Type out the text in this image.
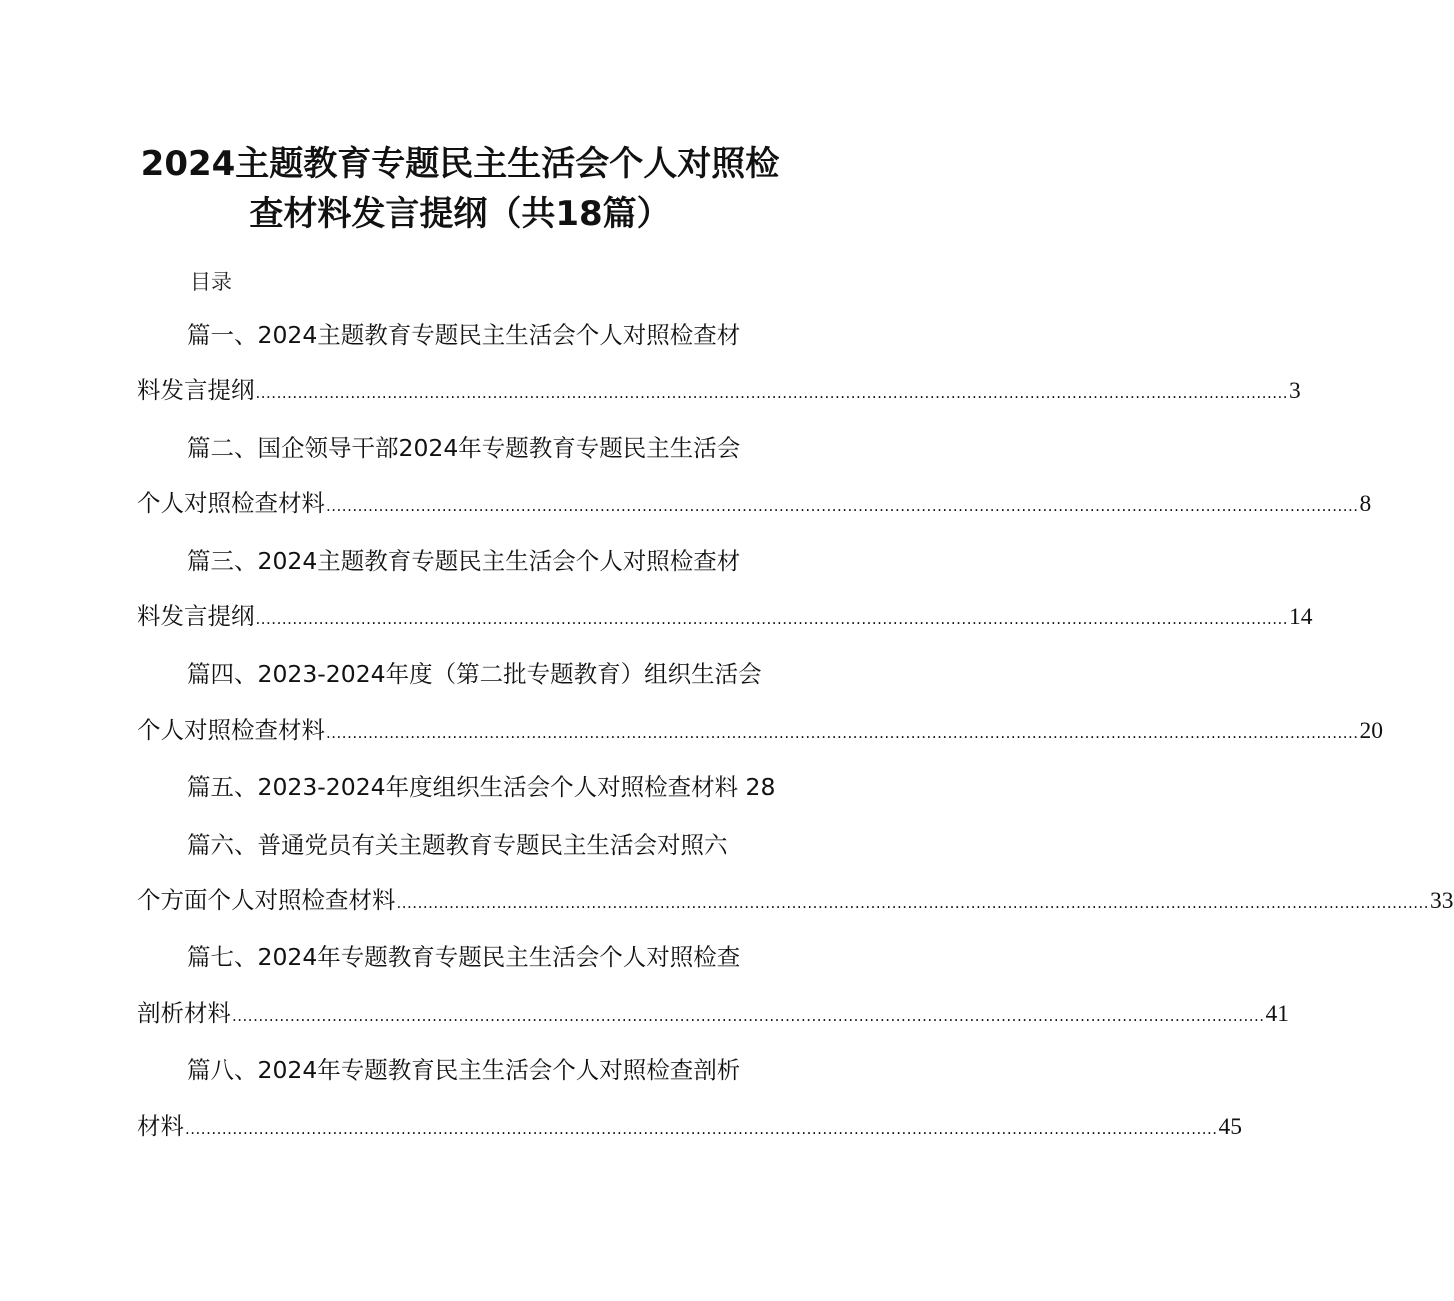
2024主题教育专题民主生活会个人对照检
查材料发言提纲（共18篇）
目录
篇一、2024主题教育专题民主生活会个人对照检查材
料发言提纲 .................................................................................................................................................................................................... 3
篇二、国企领导干部2024年专题教育专题民主生活会
个人对照检查材料 .................................................................................................................................................................................................... 8
篇三、2024主题教育专题民主生活会个人对照检查材
料发言提纲 .................................................................................................................................................................................................... 14
篇四、2023-2024年度（第二批专题教育）组织生活会
个人对照检查材料 .................................................................................................................................................................................................... 20
篇五、2023-2024年度组织生活会个人对照检查材料 28
篇六、普通党员有关主题教育专题民主生活会对照六
个方面个人对照检查材料 .................................................................................................................................................................................................... 33
篇七、2024年专题教育专题民主生活会个人对照检查
剖析材料 .................................................................................................................................................................................................... 41
篇八、2024年专题教育民主生活会个人对照检查剖析
材料 .................................................................................................................................................................................................... 45
